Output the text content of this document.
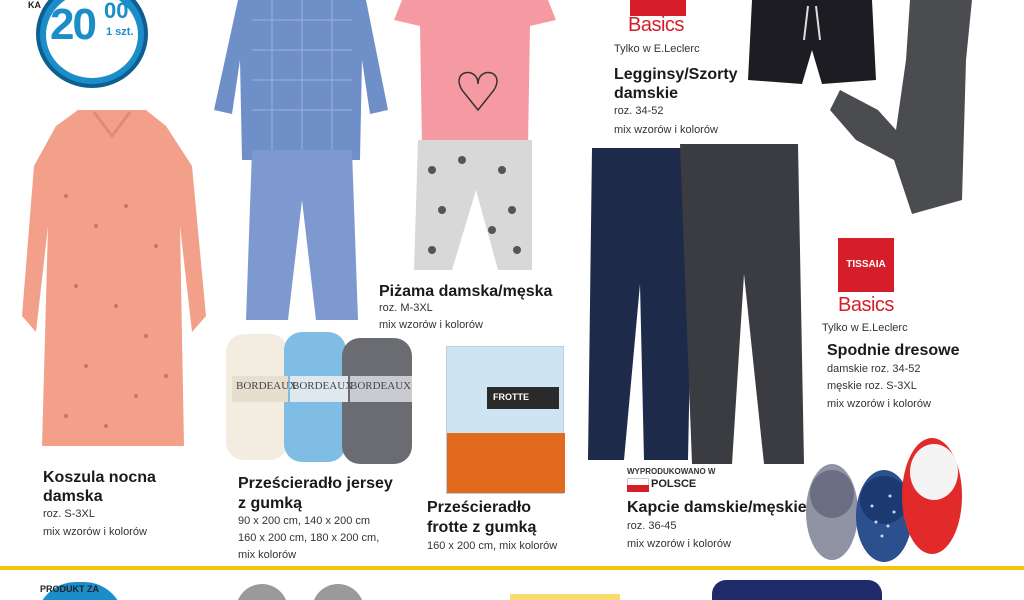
KA 20 00
1 szt.
Piżama damska/męska
roz. M-3XL
mix wzorów i kolorów
Basics
Tylko w E.Leclerc
Legginsy/Szorty
damskie
roz. 34-52
mix wzorów i kolorów
TISSAIA
Basics
Tylko w E.Leclerc
Spodnie dresowe
damskie roz. 34-52
męskie roz. S-3XL
mix wzorów i kolorów
WYPRODUKOWANO W
POLSCE
Kapcie damskie/męskie
roz. 36-45
mix wzorów i kolorów
BORDEAUX
BORDEAUX
BORDEAUX
Prześcieradło jersey
z gumką
90 x 200 cm, 140 x 200 cm
160 x 200 cm, 180 x 200 cm,
mix kolorów
FROTTE
Prześcieradło
frotte z gumką
160 x 200 cm, mix kolorów
Koszula nocna
damska
roz. S-3XL
mix wzorów i kolorów
PRODUKT ZA
